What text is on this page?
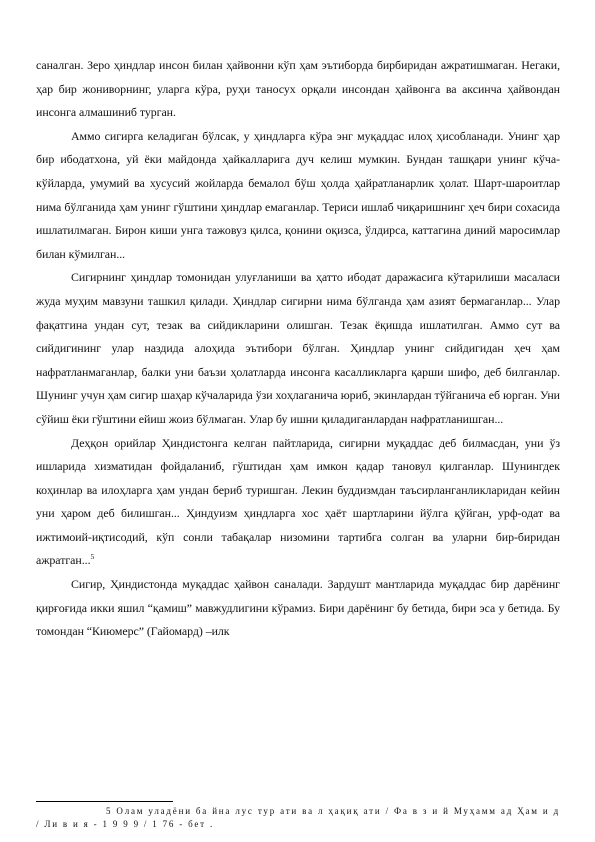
саналган. Зеро ҳиндлар инсон билан ҳайвонни кўп ҳам эътиборда бирбиридан ажратишмаган. Негаки, ҳар бир жониворнинг, уларга кўра, руҳи таносух орқали инсондан ҳайвонга ва аксинча ҳайвондан инсонга алмашиниб турган.

Аммо сигирга келадиган бўлсак, у ҳиндларга кўра энг муқаддас илоҳ ҳисобланади. Унинг ҳар бир ибодатхона, уй ёки майдонда ҳайкалларига дуч келиш мумкин. Бундан ташқари унинг кўча-кўйларда, умумий ва хусусий жойларда бемалол бўш ҳолда ҳайратланарлик ҳолат. Шарт-шароитлар нима бўлганида ҳам унинг гўштини ҳиндлар емаганлар. Териси ишлаб чиқаришнинг ҳеч бири сохасида ишлатилмаган. Бирон киши унга тажовуз қилса, қонини оқизса, ўлдирса, каттагина диний маросимлар билан кўмилган...

Сигирнинг ҳиндлар томонидан улуғланиши ва ҳатто ибодат даражасига кўтарилиши масаласи жуда муҳим мавзуни ташкил қилади. Ҳиндлар сигирни нима бўлганда ҳам азият бермаганлар... Улар фақатгина ундан сут, тезак ва сийдикларини олишган. Тезак ёқишда ишлатилган. Аммо сут ва сийдигининг улар наздида алоҳида эътибори бўлган. Ҳиндлар унинг сийдигидан ҳеч ҳам нафратланмаганлар, балки уни баъзи ҳолатларда инсонга касалликларга қарши шифо, деб билганлар. Шунинг учун ҳам сигир шаҳар кўчаларида ўзи хоҳлаганича юриб, экинлардан тўйганича еб юрган. Уни сўйиш ёки гўштини ейиш жоиз бўлмаган. Улар бу ишни қиладиганлардан нафратланишган...

Деҳқон орийлар Ҳиндистонга келган пайтларида, сигирни муқаддас деб билмасдан, уни ўз ишларида хизматидан фойдаланиб, гўштидан ҳам имкон қадар тановул қилганлар. Шунингдек коҳинлар ва илоҳларга ҳам ундан бериб туришган. Лекин буддизмдан таъсирланганликларидан кейин уни ҳаром деб билишган... Ҳиндуизм ҳиндларга хос ҳаёт шартларини йўлга қўйган, урф-одат ва ижтимоий-иқтисодий, кўп сонли табақалар низомини тартибга солган ва уларни бир-биридан ажратган...$^5$

Сигир, Ҳиндистонда муқаддас ҳайвон саналади. Зардушт мантларида муқаддас бир дарёнинг қирғоғида икки яшил “қамиш” мавжудлигини кўрамиз. Бири дарёнинг бу бетида, бири эса у бетида. Бу томондан “Киюмерс” (Гайомард) –илк

5 Олам уладёни ба йна лус тур ати ва л ҳақиқ ати / Фа в з и й Муҳамм ад Ҳам и д / Ли в и я - 1 9 9 9 / 1 76 - бет .
